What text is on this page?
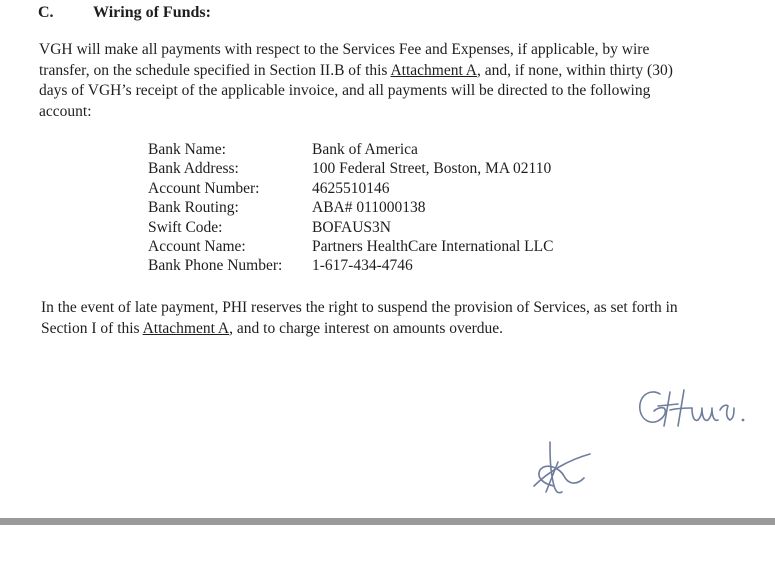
C. Wiring of Funds:

VGH will make all payments with respect to the Services Fee and Expenses, if applicable, by wire
transfer, on the schedule specified in Section II.B of this Attachment A, and, if none, within thirty (30)
days of VGH’s receipt of the applicable invoice, and all payments will be directed to the following
account:

Bank Name:	Bank of America
Bank Address:	100 Federal Street, Boston, MA 02110
Account Number:	4625510146
Bank Routing:	ABA# 011000138
Swift Code:	BOFAUS3N
Account Name:	Partners HealthCare International LLC
Bank Phone Number:	1-617-434-4746

In the event of late payment, PHI reserves the right to suspend the provision of Services, as set forth in
Section I of this Attachment A, and to charge interest on amounts overdue.
